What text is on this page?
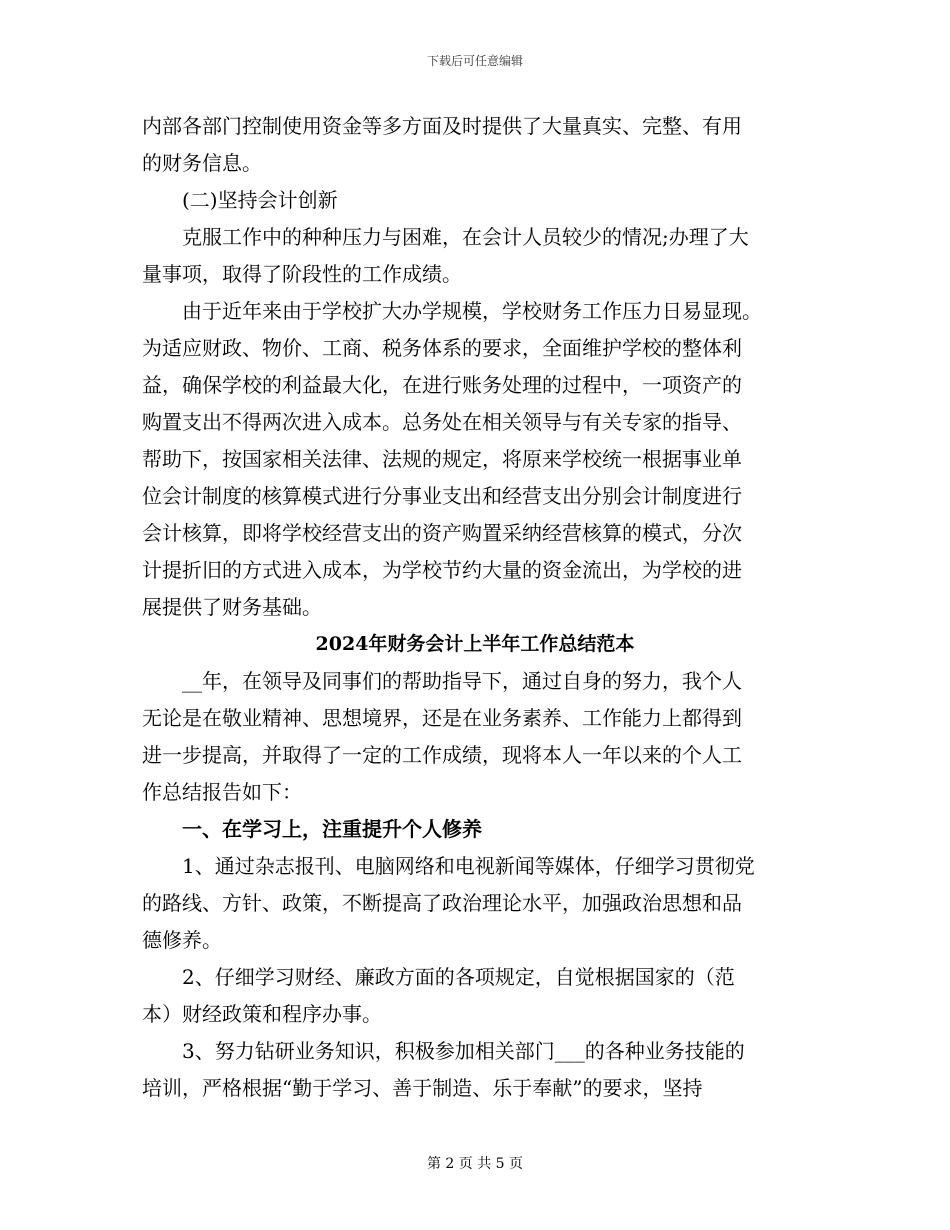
下载后可任意编辑

内部各部门控制使用资金等多方面及时提供了大量真实、完整、有用
的财务信息。

(二)坚持会计创新

克服工作中的种种压力与困难，在会计人员较少的情况;办理了大
量事项，取得了阶段性的工作成绩。

由于近年来由于学校扩大办学规模，学校财务工作压力日易显现。
为适应财政、物价、工商、税务体系的要求，全面维护学校的整体利
益，确保学校的利益最大化，在进行账务处理的过程中，一项资产的
购置支出不得两次进入成本。总务处在相关领导与有关专家的指导、
帮助下，按国家相关法律、法规的规定，将原来学校统一根据事业单
位会计制度的核算模式进行分事业支出和经营支出分别会计制度进行
会计核算，即将学校经营支出的资产购置采纳经营核算的模式，分次
计提折旧的方式进入成本，为学校节约大量的资金流出，为学校的进
展提供了财务基础。

2024年财务会计上半年工作总结范本

__年，在领导及同事们的帮助指导下，通过自身的努力，我个人
无论是在敬业精神、思想境界，还是在业务素养、工作能力上都得到
进一步提高，并取得了一定的工作成绩，现将本人一年以来的个人工
作总结报告如下：

一、在学习上，注重提升个人修养

1、通过杂志报刊、电脑网络和电视新闻等媒体，仔细学习贯彻党
的路线、方针、政策，不断提高了政治理论水平，加强政治思想和品
德修养。

2、仔细学习财经、廉政方面的各项规定，自觉根据国家的（范
本）财经政策和程序办事。

3、努力钻研业务知识，积极参加相关部门___的各种业务技能的
培训，严格根据“勤于学习、善于制造、乐于奉献”的要求，坚持

第 2 页 共 5 页
